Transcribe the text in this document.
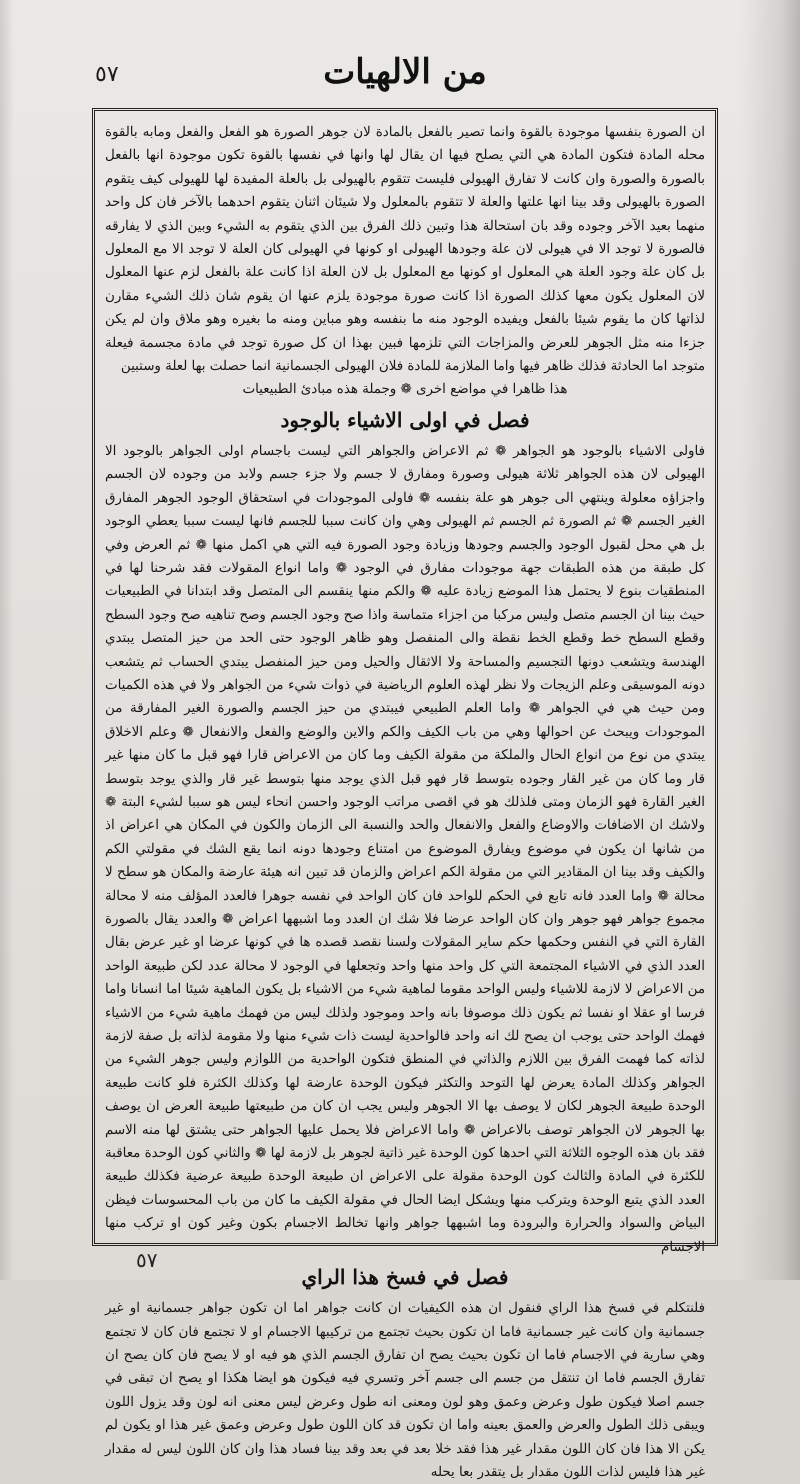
٥٧	من الالهيات

ان الصورة بنفسها موجودة بالقوة وانما تصير بالفعل بالمادة لان جوهر الصورة هو الفعل والفعل ومابه بالقوة محله المادة فتكون المادة هي التي يصلح فيها ان يقال لها وانها في نفسها بالقوة تكون موجودة انها بالفعل بالصورة والصورة وان كانت لا تفارق الهيولى فليست تتقوم بالهيولى بل بالعلة المفيدة لها للهيولى كيف يتقوم الصورة بالهيولى وقد بينا انها علتها والعلة لا تتقوم بالمعلول ولا شيئان اثنان يتقوم احدهما بالآخر فان كل واحد منهما بعيد الآخر وجوده وقد بان استحالة هذا وتبين ذلك الفرق بين الذي يتقوم به الشيء وبين الذي لا يفارقه فالصورة لا توجد الا في هيولى لان علة وجودها الهيولى او كونها في الهيولى كان العلة لا توجد الا مع المعلول بل كان علة وجود العلة هي المعلول او كونها مع المعلول بل لان العلة اذا كانت علة بالفعل لزم عنها المعلول لان المعلول يكون معها كذلك الصورة اذا كانت صورة موجودة يلزم عنها ان يقوم شان ذلك الشيء مقارن لذاتها كان ما يقوم شيئا بالفعل ويفيده الوجود منه ما بنفسه وهو مباين ومنه ما بغيره وهو ملاق وان لم يكن جزءا منه مثل الجوهر للعرض والمزاجات التي تلزمها فبين بهذا ان كل صورة توجد في مادة مجسمة فيعلة متوجد اما الحادثة فذلك ظاهر فيها واما الملازمة للمادة فلان الهيولى الجسمانية انما حصلت بها لعلة وستبين

هذا ظاهرا في مواضع اخرى ❁ وجملة هذه مبادئ الطبيعيات

فصل في اولى الاشياء بالوجود

فاولى الاشياء بالوجود هو الجواهر ❁ ثم الاعراض والجواهر التي ليست باجسام اولى الجواهر بالوجود الا الهيولى لان هذه الجواهر ثلاثة هيولى وصورة ومفارق لا جسم ولا جزء جسم ولابد من وجوده لان الجسم واجزاؤه معلولة وينتهي الى جوهر هو علة بنفسه ❁ فاولى الموجودات في استحقاق الوجود الجوهر المفارق الغير الجسم ❁ ثم الصورة ثم الجسم ثم الهيولى وهي وان كانت سببا للجسم فانها ليست سببا يعطي الوجود بل هي محل لقبول الوجود والجسم وجودها وزيادة وجود الصورة فيه التي هي اكمل منها ❁ ثم العرض وفي كل طبقة من هذه الطبقات جهة موجودات مفارق في الوجود ❁ واما انواع المقولات فقد شرحنا لها في المنطقيات بنوع لا يحتمل هذا الموضع زيادة عليه ❁ والكم منها ينقسم الى المتصل وقد ابتدانا في الطبيعيات حيث بينا ان الجسم متصل وليس مركبا من اجزاء متماسة واذا صح وجود الجسم وصح تناهيه صح وجود السطح وقطع السطح خط وقطع الخط نقطة والى المنفصل وهو ظاهر الوجود حتى الحد من حيز المتصل يبتدي الهندسة ويتشعب دونها التجسيم والمساحة ولا الاثقال والحيل ومن حيز المنفصل يبتدي الحساب ثم يتشعب دونه الموسيقى وعلم الزيجات ولا نظر لهذه العلوم الرياضية في ذوات شيء من الجواهر ولا في هذه الكميات ومن حيث هي في الجواهر ❁ واما العلم الطبيعي فيبتدي من حيز الجسم والصورة الغير المفارقة من الموجودات ويبحث عن احوالها وهي من باب الكيف والكم والاين والوضع والفعل والانفعال ❁ وعلم الاخلاق يبتدي من نوع من انواع الحال والملكة من مقولة الكيف وما كان من الاعراض قارا فهو قبل ما كان منها غير قار وما كان من غير القار وجوده بتوسط قار فهو قبل الذي يوجد منها بتوسط غير قار والذي يوجد بتوسط الغير القارة فهو الزمان ومتى فلذلك هو في اقصى مراتب الوجود واحسن انحاء ليس هو سببا لشيء البتة ❁ ولاشك ان الاضافات والاوضاع والفعل والانفعال والحد والنسبة الى الزمان والكون في المكان هي اعراض اذ من شانها ان يكون في موضوع ويفارق الموضوع من امتناع وجودها دونه انما يقع الشك في مقولتي الكم والكيف وقد بينا ان المقادير التي من مقولة الكم اعراض والزمان قد تبين انه هيئة عارضة والمكان هو سطح لا محالة ❁ واما العدد فانه تابع في الحكم للواحد فان كان الواحد في نفسه جوهرا فالعدد المؤلف منه لا محالة مجموع جواهر فهو جوهر وان كان الواحد عرضا فلا شك ان العدد وما اشبهها اعراض ❁ والعدد يقال بالصورة القارة التي في النفس وحكمها حكم ساير المقولات ولسنا نقصد قصده ها في كونها عرضا او غير عرض بقال العدد الذي في الاشياء المجتمعة التي كل واحد منها واحد وتجعلها في الوجود لا محالة عدد لكن طبيعة الواحد من الاعراض لا لازمة للاشياء وليس الواحد مقوما لماهية شيء من الاشياء بل يكون الماهية شيئا اما انسانا واما فرسا او عقلا او نفسا ثم يكون ذلك موصوفا بانه واحد وموجود ولذلك ليس من فهمك ماهية شيء من الاشياء فهمك الواحد حتى يوجب ان يصح لك انه واحد فالواحدية ليست ذات شيء منها ولا مقومة لذاته بل صفة لازمة لذاته كما فهمت الفرق بين اللازم والذاتي في المنطق فتكون الواحدية من اللوازم وليس جوهر الشيء من الجواهر وكذلك المادة يعرض لها التوحد والتكثر فيكون الوحدة عارضة لها وكذلك الكثرة فلو كانت طبيعة الوحدة طبيعة الجوهر لكان لا يوصف بها الا الجوهر وليس يجب ان كان من طبيعتها طبيعة العرض ان يوصف بها الجوهر لان الجواهر توصف بالاعراض ❁ واما الاعراض فلا يحمل عليها الجواهر حتى يشتق لها منه الاسم فقد بان هذه الوجوه الثلاثة التي احدها كون الوحدة غير ذاتية لجوهر بل لازمة لها ❁ والثاني كون الوحدة معاقبة للكثرة في المادة والثالث كون الوحدة مقولة على الاعراض ان طبيعة الوحدة طبيعة عرضية فكذلك طبيعة العدد الذي يتبع الوحدة ويتركب منها ويشكل ايضا الحال في مقولة الكيف ما كان من باب المحسوسات فيظن البياض والسواد والحرارة والبرودة وما اشبهها جواهر وانها تخالط الاجسام بكون وغير كون او تركب منها الاجسام

فصل في فسخ هذا الراي

فلنتكلم في فسخ هذا الراي فنقول ان هذه الكيفيات ان كانت جواهر اما ان تكون جواهر جسمانية او غير جسمانية وان كانت غير جسمانية فاما ان تكون بحيث تجتمع من تركيبها الاجسام او لا تجتمع فان كان لا تجتمع وهي سارية في الاجسام فاما ان تكون بحيث يصح ان تفارق الجسم الذي هو فيه او لا يصح فان كان يصح ان تفارق الجسم فاما ان تنتقل من جسم الى جسم آخر وتسري فيه فيكون هو ايضا هكذا او يصح ان تبقى في جسم اصلا فيكون طول وعرض وعمق وهو لون ومعنى انه طول وعرض ليس معنى انه لون وقد يزول اللون ويبقى ذلك الطول والعرض والعمق بعينه واما ان تكون قد كان اللون طول وعرض وعمق غير هذا او يكون لم يكن الا هذا فان كان اللون مقدار غير هذا فقد خلا بعد في بعد وقد بينا فساد هذا وان كان اللون ليس له مقدار غير هذا فليس لذات اللون مقدار بل يتقدر بعا يحله

٥٧
